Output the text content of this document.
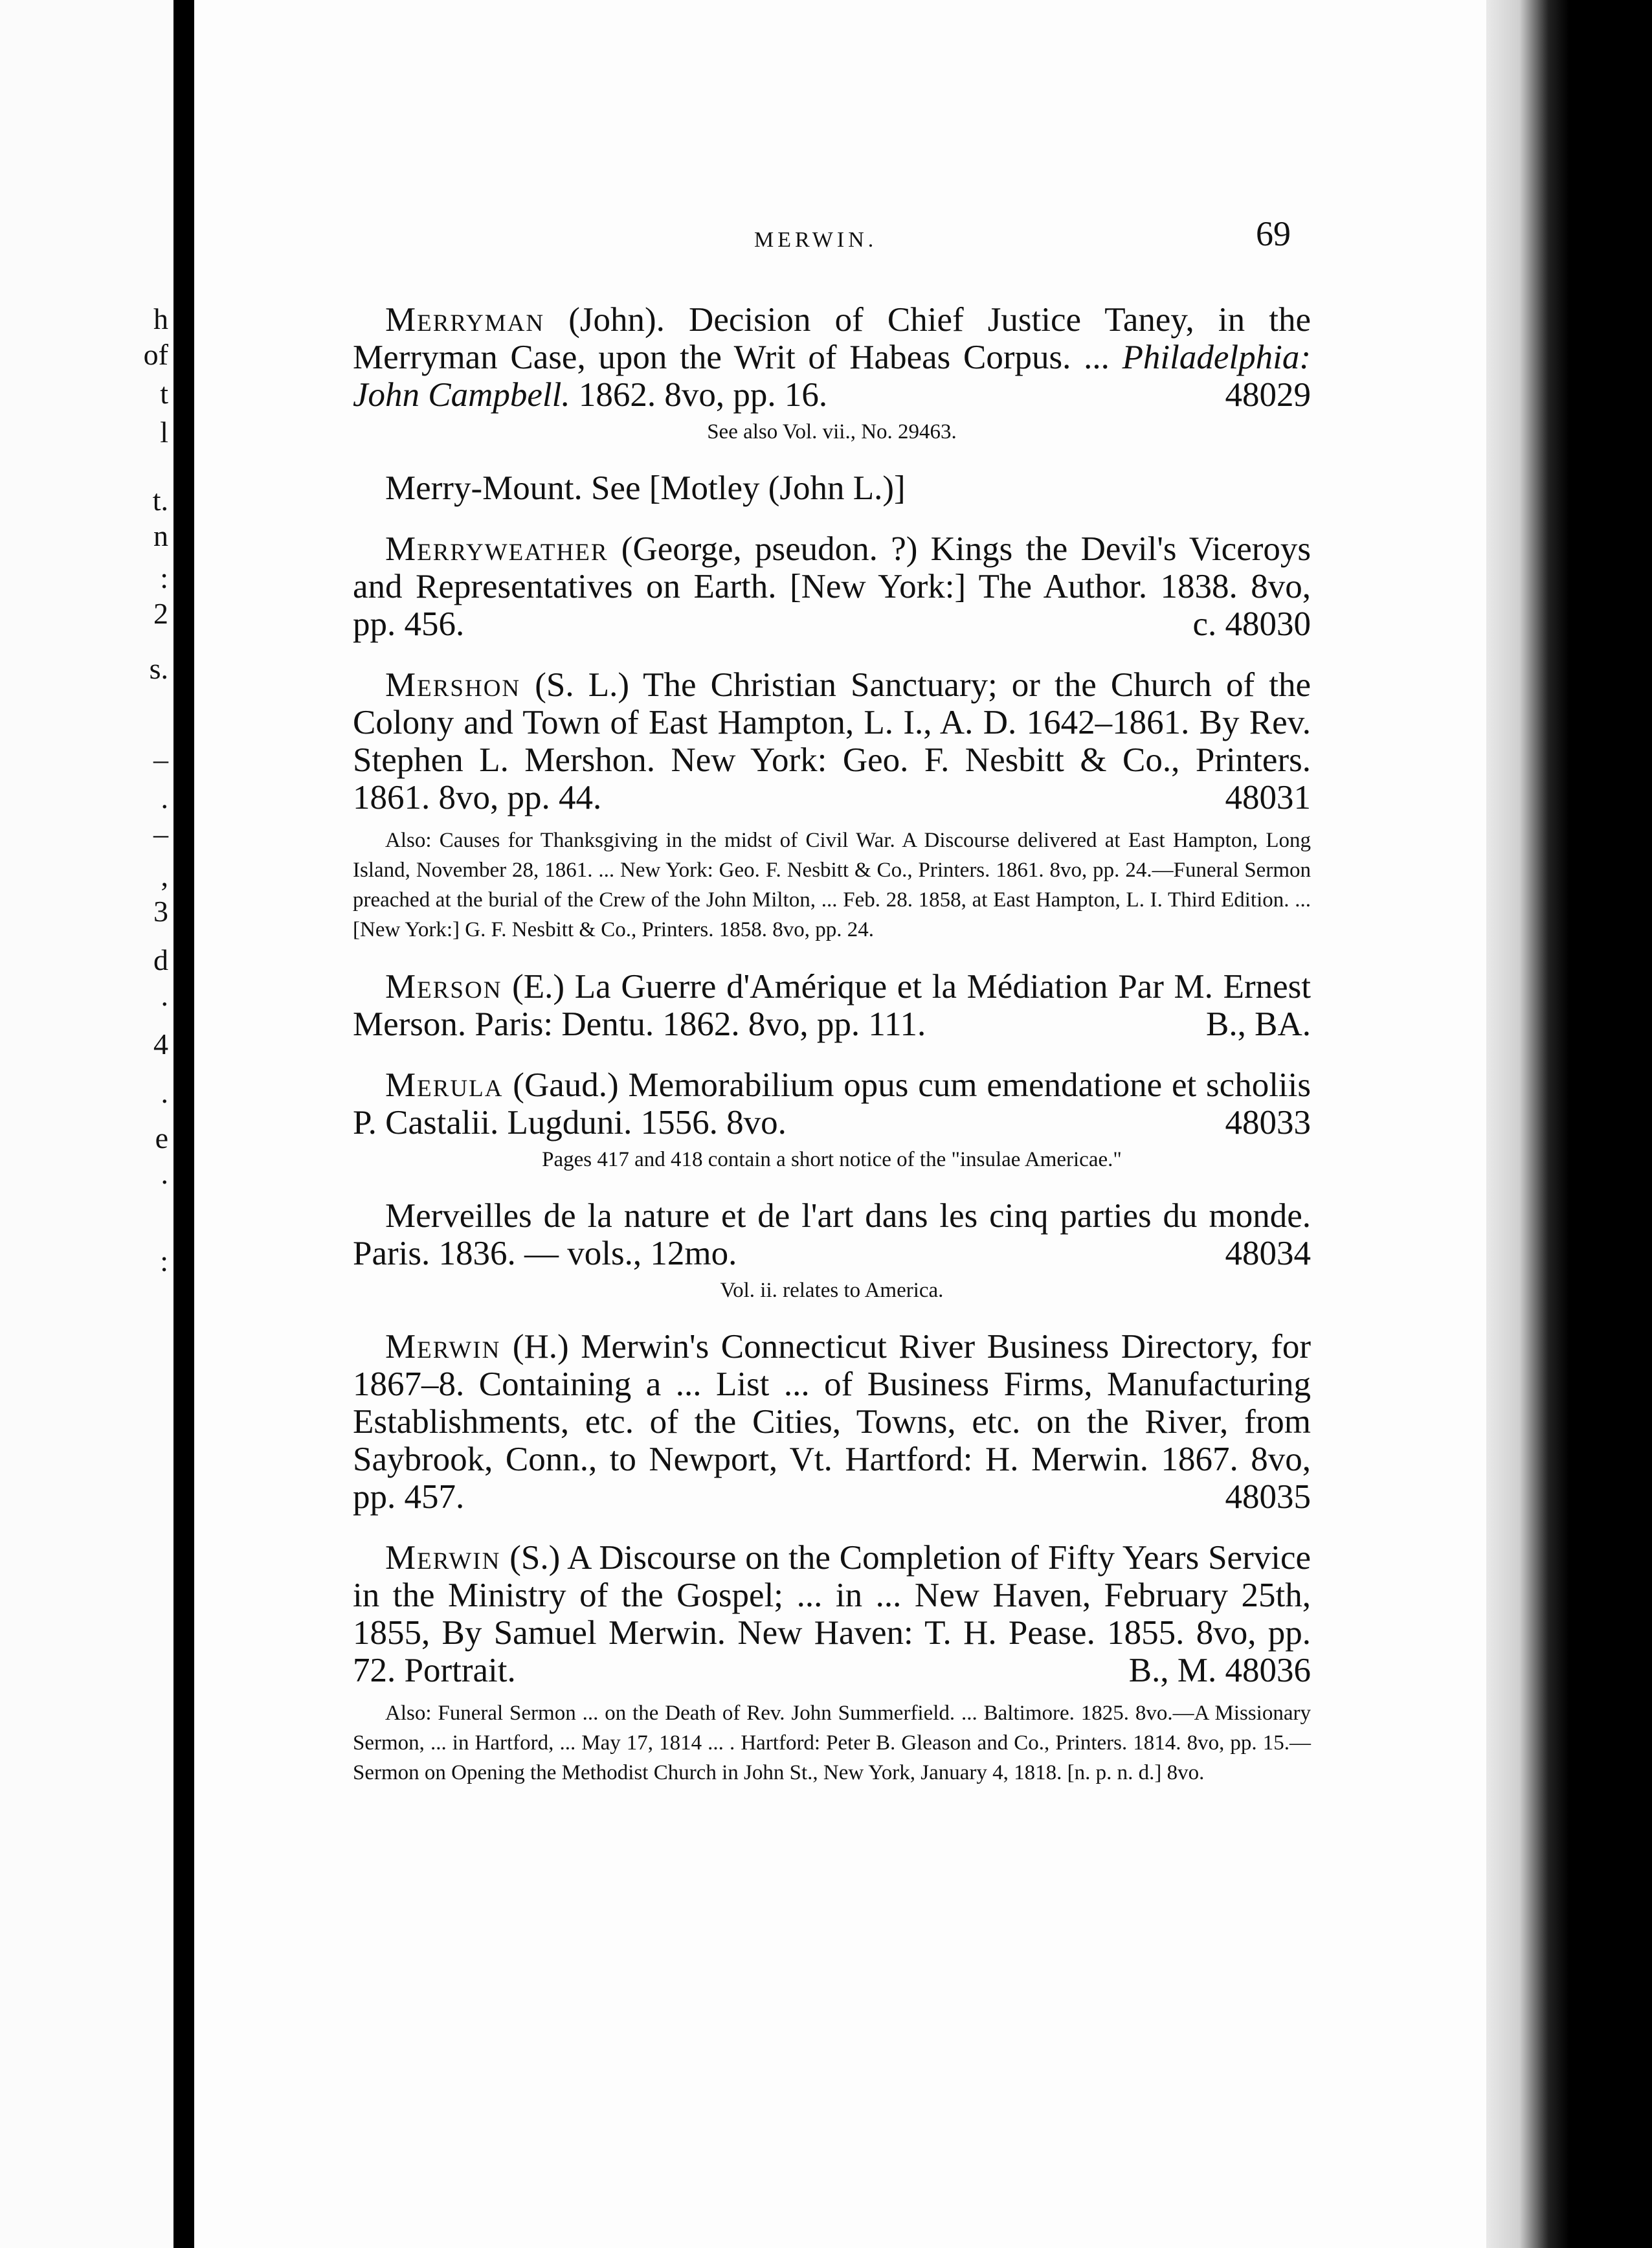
h
of
t
l
t.
n
:
2
s.
–
.
–
,
3
d
.
4
.
e
.
:
MERWIN.	69

Merryman (John). Decision of Chief Justice Taney, in the Merryman Case, upon the Writ of Habeas Corpus. ... Philadelphia: John Campbell. 1862. 8vo, pp. 16.	48029

See also Vol. vii., No. 29463.

Merry-Mount. See [Motley (John L.)]

Merryweather (George, pseudon. ?) Kings the Devil's Viceroys and Representatives on Earth. [New York:] The Author. 1838. 8vo, pp. 456.	c. 48030

Mershon (S. L.) The Christian Sanctuary; or the Church of the Colony and Town of East Hampton, L. I., A. D. 1642–1861. By Rev. Stephen L. Mershon. New York: Geo. F. Nesbitt & Co., Printers. 1861. 8vo, pp. 44.	48031

Also: Causes for Thanksgiving in the midst of Civil War. A Discourse delivered at East Hampton, Long Island, November 28, 1861. ... New York: Geo. F. Nesbitt & Co., Printers. 1861. 8vo, pp. 24.—Funeral Sermon preached at the burial of the Crew of the John Milton, ... Feb. 28. 1858, at East Hampton, L. I. Third Edition. ... [New York:] G. F. Nesbitt & Co., Printers. 1858. 8vo, pp. 24.

Merson (E.) La Guerre d'Amérique et la Médiation Par M. Ernest Merson. Paris: Dentu. 1862. 8vo, pp. 111.	B., BA.

Merula (Gaud.) Memorabilium opus cum emendatione et scholiis P. Castalii. Lugduni. 1556. 8vo.	48033

Pages 417 and 418 contain a short notice of the "insulae Americae."

Merveilles de la nature et de l'art dans les cinq parties du monde. Paris. 1836. — vols., 12mo.	48034

Vol. ii. relates to America.

Merwin (H.) Merwin's Connecticut River Business Directory, for 1867–8. Containing a ... List ... of Business Firms, Manufacturing Establishments, etc. of the Cities, Towns, etc. on the River, from Saybrook, Conn., to Newport, Vt. Hartford: H. Merwin. 1867. 8vo, pp. 457.	48035

Merwin (S.) A Discourse on the Completion of Fifty Years Service in the Ministry of the Gospel; ... in ... New Haven, February 25th, 1855, By Samuel Merwin. New Haven: T. H. Pease. 1855. 8vo, pp. 72. Portrait.	B., M. 48036

Also: Funeral Sermon ... on the Death of Rev. John Summerfield. ... Baltimore. 1825. 8vo.—A Missionary Sermon, ... in Hartford, ... May 17, 1814 ... . Hartford: Peter B. Gleason and Co., Printers. 1814. 8vo, pp. 15.—Sermon on Opening the Methodist Church in John St., New York, January 4, 1818. [n. p. n. d.] 8vo.
